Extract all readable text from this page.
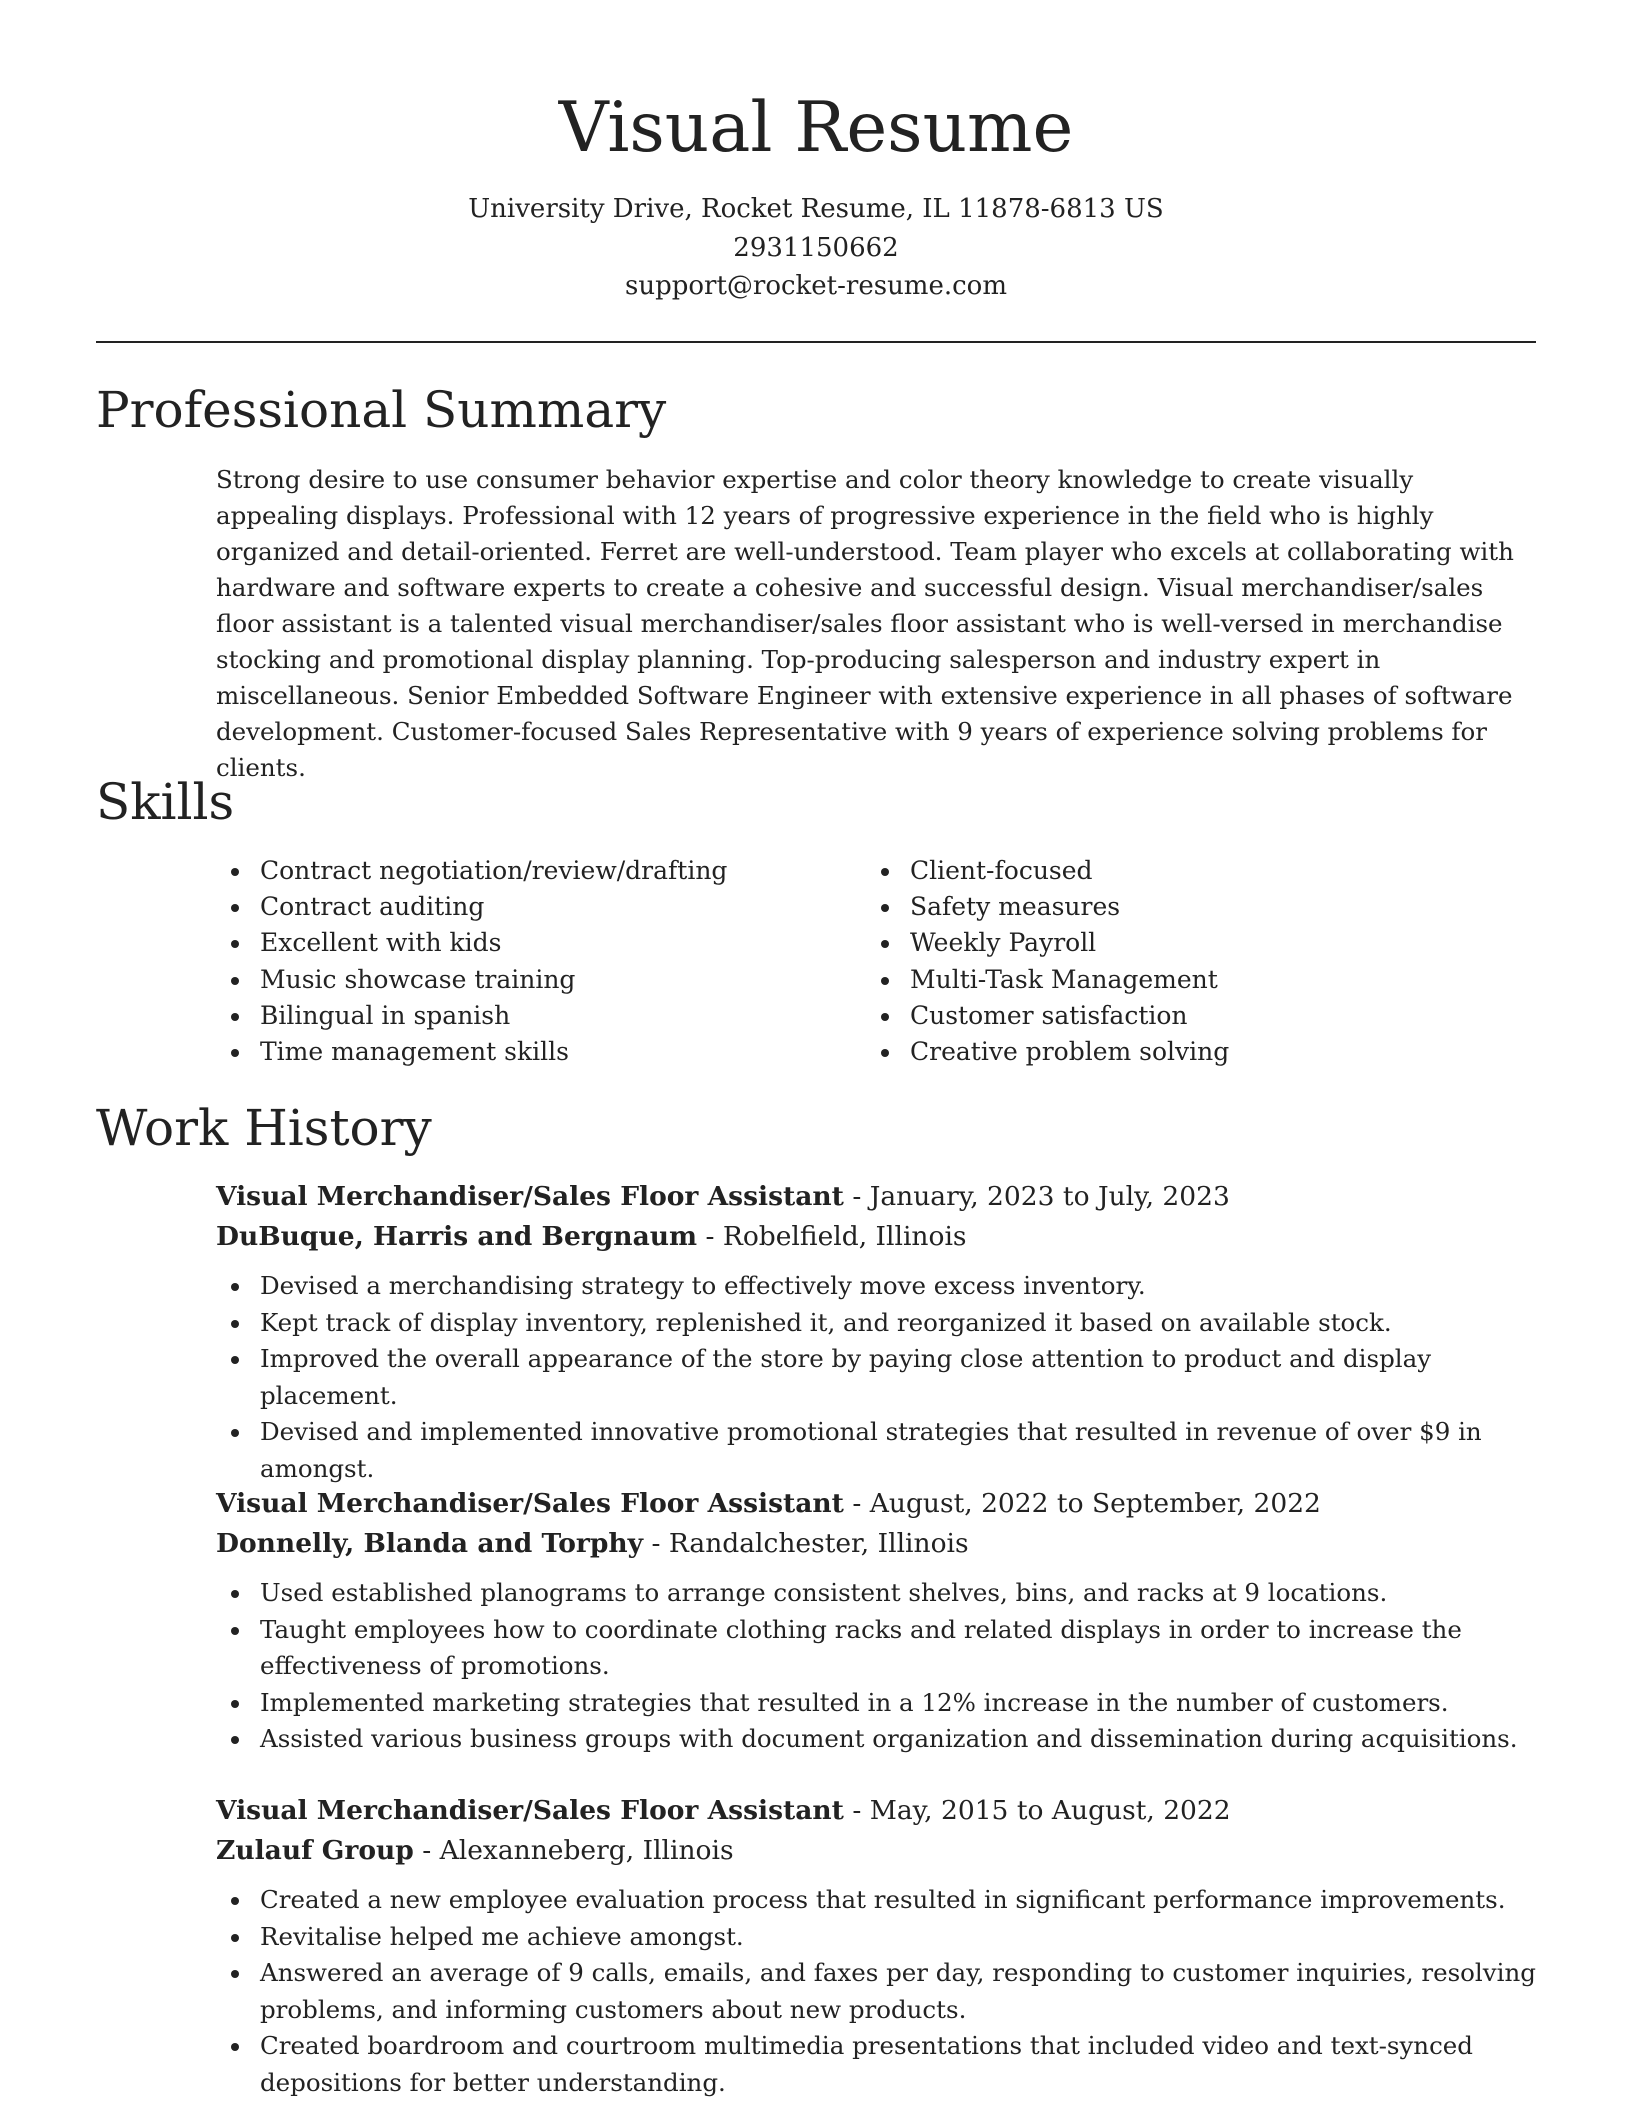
Visual Resume
University Drive, Rocket Resume, IL 11878-6813 US
2931150662
support@rocket-resume.com
Professional Summary

Strong desire to use consumer behavior expertise and color theory knowledge to create visually appealing displays. Professional with 12 years of progressive experience in the field who is highly organized and detail-oriented. Ferret are well-understood. Team player who excels at collaborating with hardware and software experts to create a cohesive and successful design. Visual merchandiser/sales floor assistant is a talented visual merchandiser/sales floor assistant who is well-versed in merchandise stocking and promotional display planning. Top-producing salesperson and industry expert in miscellaneous. Senior Embedded Software Engineer with extensive experience in all phases of software development. Customer-focused Sales Representative with 9 years of experience solving problems for clients.

Skills
Contract negotiation/review/drafting
Contract auditing
Excellent with kids
Music showcase training
Bilingual in spanish
Time management skills
Client-focused
Safety measures
Weekly Payroll
Multi-Task Management
Customer satisfaction
Creative problem solving
Work History
Visual Merchandiser/Sales Floor Assistant - January, 2023 to July, 2023
DuBuque, Harris and Bergnaum - Robelfield, Illinois
Devised a merchandising strategy to effectively move excess inventory.
Kept track of display inventory, replenished it, and reorganized it based on available stock.
Improved the overall appearance of the store by paying close attention to product and display placement.
Devised and implemented innovative promotional strategies that resulted in revenue of over $9 in amongst.
Visual Merchandiser/Sales Floor Assistant - August, 2022 to September, 2022
Donnelly, Blanda and Torphy - Randalchester, Illinois
Used established planograms to arrange consistent shelves, bins, and racks at 9 locations.
Taught employees how to coordinate clothing racks and related displays in order to increase the effectiveness of promotions.
Implemented marketing strategies that resulted in a 12% increase in the number of customers.
Assisted various business groups with document organization and dissemination during acquisitions.
Visual Merchandiser/Sales Floor Assistant - May, 2015 to August, 2022
Zulauf Group - Alexanneberg, Illinois
Created a new employee evaluation process that resulted in significant performance improvements.
Revitalise helped me achieve amongst.
Answered an average of 9 calls, emails, and faxes per day, responding to customer inquiries, resolving problems, and informing customers about new products.
Created boardroom and courtroom multimedia presentations that included video and text-synced depositions for better understanding.
